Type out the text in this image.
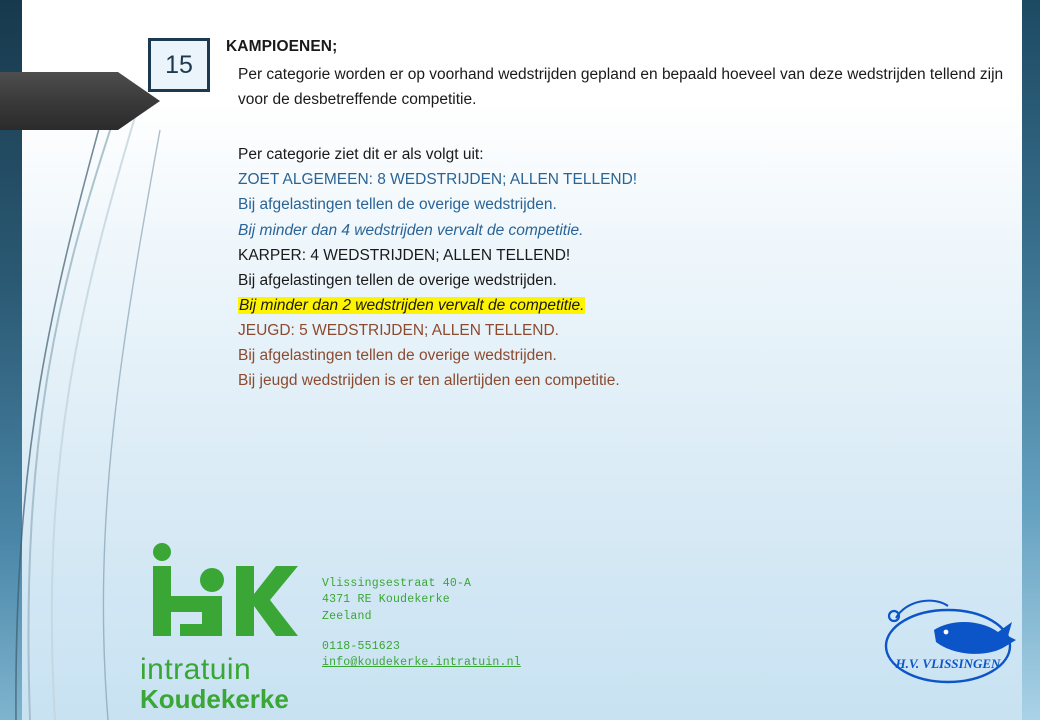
15

KAMPIOENEN;

Per categorie worden er op voorhand wedstrijden gepland en bepaald hoeveel van deze wedstrijden tellend zijn voor de desbetreffende competitie.

Per categorie ziet dit er als volgt uit:
ZOET ALGEMEEN: 8 WEDSTRIJDEN; ALLEN TELLEND!
Bij afgelastingen tellen de overige wedstrijden.
Bij minder dan 4 wedstrijden vervalt de competitie.
KARPER: 4 WEDSTRIJDEN; ALLEN TELLEND!
Bij afgelastingen tellen de overige wedstrijden.
Bij minder dan 2 wedstrijden vervalt de competitie.
JEUGD: 5 WEDSTRIJDEN; ALLEN TELLEND.
Bij afgelastingen tellen de overige wedstrijden.
Bij jeugd wedstrijden is er ten allertijden een competitie.
intratuin
Koudekerke
Vlissingsestraat 40-A
4371 RE Koudekerke
Zeeland
0118-551623
info@koudekerke.intratuin.nl	H.V. VLISSINGEN
